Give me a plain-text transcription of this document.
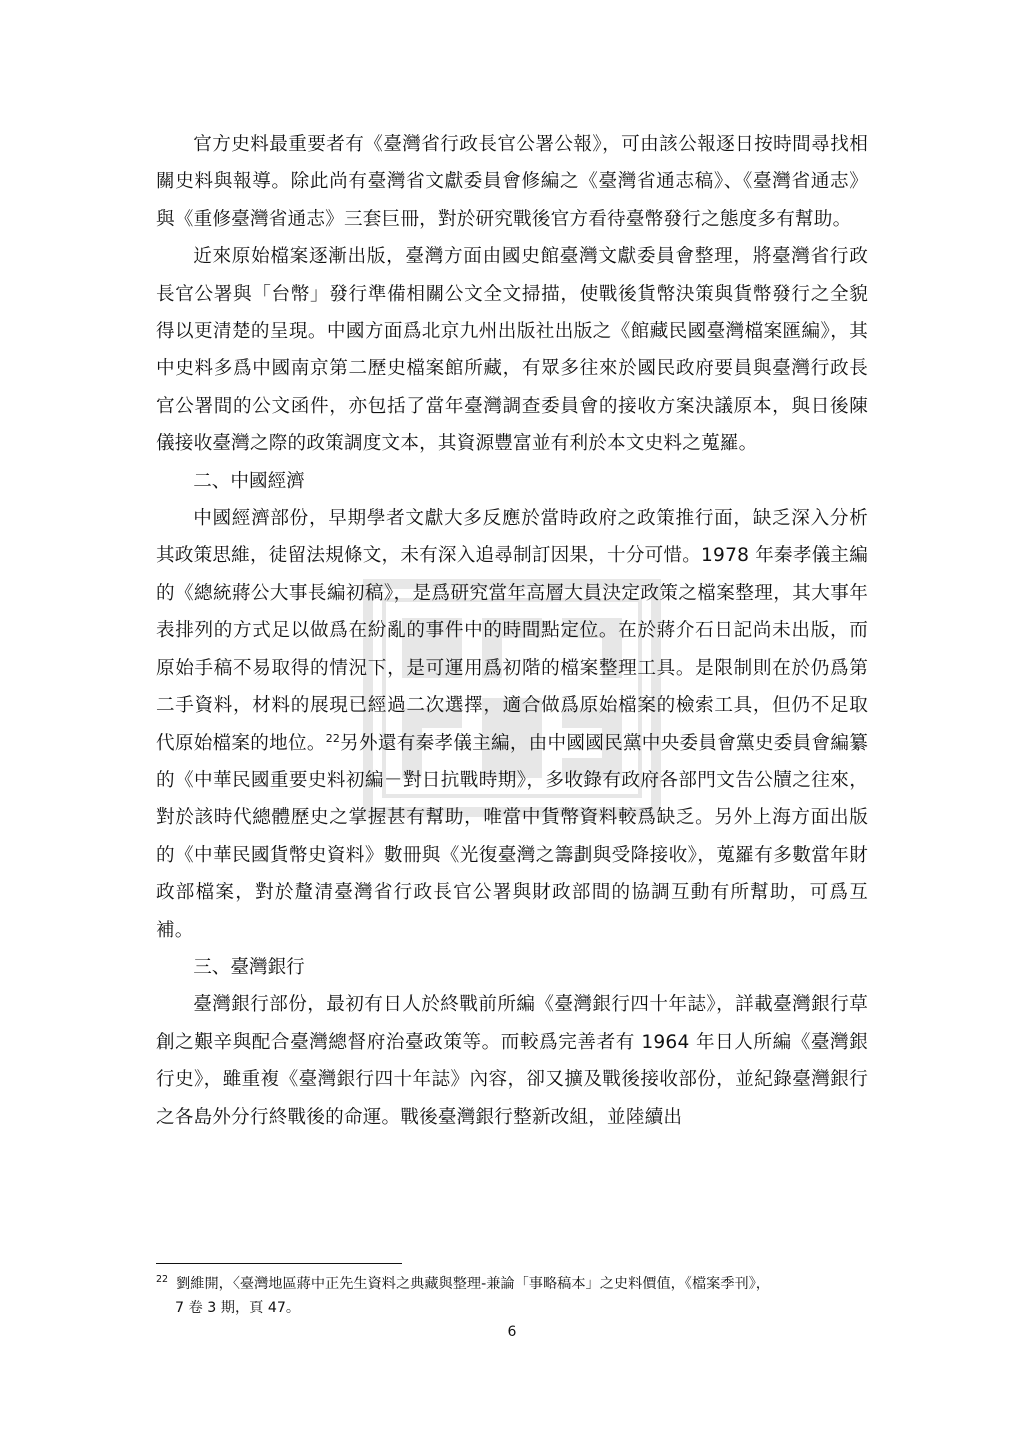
官方史料最重要者有《臺灣省行政長官公署公報》，可由該公報逐日按時間尋找相關史料與報導。除此尚有臺灣省文獻委員會修編之《臺灣省通志稿》、《臺灣省通志》與《重修臺灣省通志》三套巨冊，對於研究戰後官方看待臺幣發行之態度多有幫助。

近來原始檔案逐漸出版，臺灣方面由國史館臺灣文獻委員會整理，將臺灣省行政長官公署與「台幣」發行準備相關公文全文掃描，使戰後貨幣決策與貨幣發行之全貌得以更清楚的呈現。中國方面爲北京九州出版社出版之《館藏民國臺灣檔案匯編》，其中史料多爲中國南京第二歷史檔案館所藏，有眾多往來於國民政府要員與臺灣行政長官公署間的公文函件，亦包括了當年臺灣調查委員會的接收方案決議原本，與日後陳儀接收臺灣之際的政策調度文本，其資源豐富並有利於本文史料之蒐羅。

二、中國經濟

中國經濟部份，早期學者文獻大多反應於當時政府之政策推行面，缺乏深入分析其政策思維，徒留法規條文，未有深入追尋制訂因果，十分可惜。1978 年秦孝儀主編的《總統蔣公大事長編初稿》，是爲研究當年高層大員決定政策之檔案整理，其大事年表排列的方式足以做爲在紛亂的事件中的時間點定位。在於蔣介石日記尚未出版，而原始手稿不易取得的情況下，是可運用爲初階的檔案整理工具。是限制則在於仍爲第二手資料，材料的展現已經過二次選擇，適合做爲原始檔案的檢索工具，但仍不足取代原始檔案的地位。$^{22}$另外還有秦孝儀主編，由中國國民黨中央委員會黨史委員會編纂的《中華民國重要史料初編－對日抗戰時期》，多收錄有政府各部門文告公牘之往來，對於該時代總體歷史之掌握甚有幫助，唯當中貨幣資料較爲缺乏。另外上海方面出版的《中華民國貨幣史資料》數冊與《光復臺灣之籌劃與受降接收》，蒐羅有多數當年財政部檔案，對於釐清臺灣省行政長官公署與財政部間的協調互動有所幫助，可爲互補。

三、臺灣銀行

臺灣銀行部份，最初有日人於終戰前所編《臺灣銀行四十年誌》，詳載臺灣銀行草創之艱辛與配合臺灣總督府治臺政策等。而較爲完善者有 1964 年日人所編《臺灣銀行史》，雖重複《臺灣銀行四十年誌》內容，卻又擴及戰後接收部份，並紀錄臺灣銀行之各島外分行終戰後的命運。戰後臺灣銀行整新改組，並陸續出

$^{22}$ 劉維開，〈臺灣地區蔣中正先生資料之典藏與整理-兼論「事略稿本」之史料價值，《檔案季刊》，
7 卷 3 期，頁 47。
6
